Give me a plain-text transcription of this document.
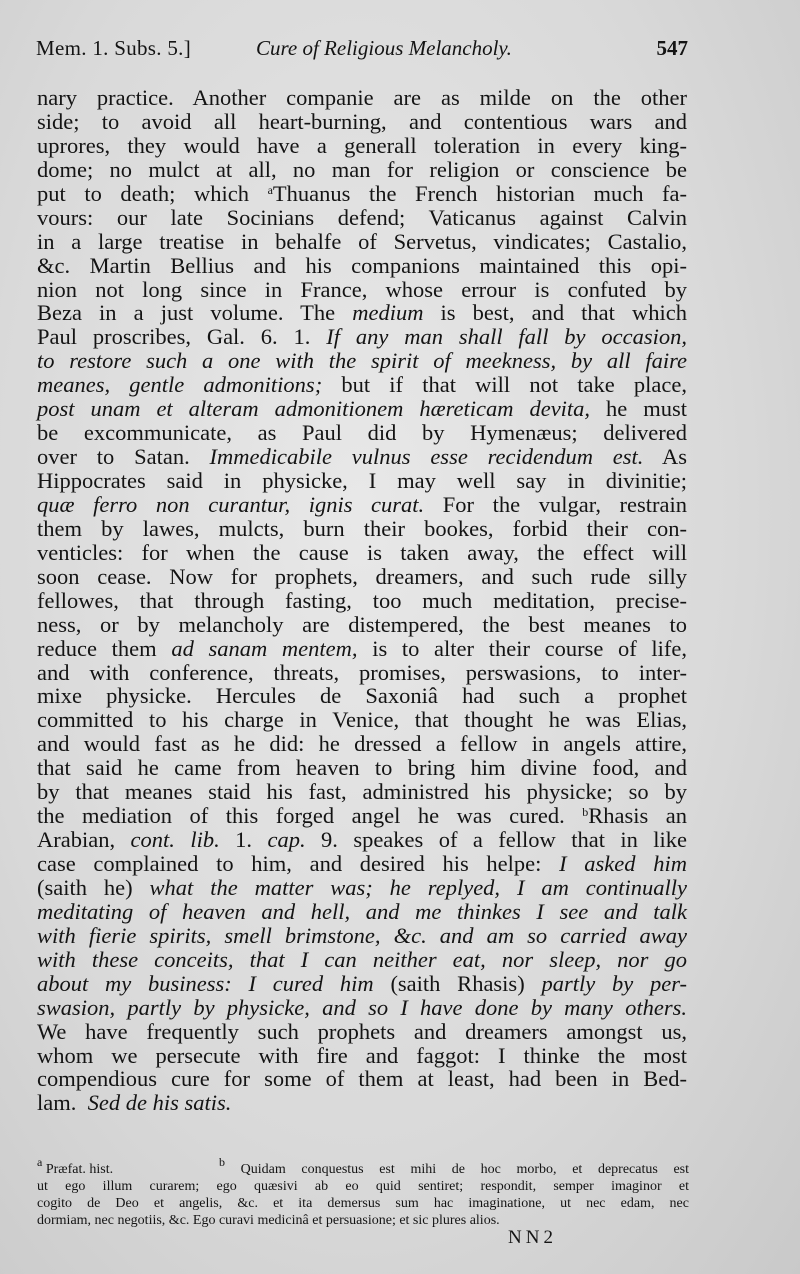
Mem. 1. Subs. 5.]	Cure of Religious Melancholy.	547
nary practice. Another companie are as milde on the other
side; to avoid all heart-burning, and contentious wars and
uprores, they would have a generall toleration in every king-
dome; no mulct at all, no man for religion or conscience be
put to death; which $^a$Thuanus the French historian much fa-
vours: our late Socinians defend; Vaticanus against Calvin
in a large treatise in behalfe of Servetus, vindicates; Castalio,
&c. Martin Bellius and his companions maintained this opi-
nion not long since in France, whose errour is confuted by
Beza in a just volume. The medium is best, and that which
Paul proscribes, Gal. 6. 1. If any man shall fall by occasion,
to restore such a one with the spirit of meekness, by all faire
meanes, gentle admonitions; but if that will not take place,
post unam et alteram admonitionem hæreticam devita, he must
be excommunicate, as Paul did by Hymenæus; delivered
over to Satan. Immedicabile vulnus esse recidendum est. As
Hippocrates said in physicke, I may well say in divinitie;
quæ ferro non curantur, ignis curat. For the vulgar, restrain
them by lawes, mulcts, burn their bookes, forbid their con-
venticles: for when the cause is taken away, the effect will
soon cease. Now for prophets, dreamers, and such rude silly
fellowes, that through fasting, too much meditation, precise-
ness, or by melancholy are distempered, the best meanes to
reduce them ad sanam mentem, is to alter their course of life,
and with conference, threats, promises, perswasions, to inter-
mixe physicke. Hercules de Saxoniâ had such a prophet
committed to his charge in Venice, that thought he was Elias,
and would fast as he did: he dressed a fellow in angels attire,
that said he came from heaven to bring him divine food, and
by that meanes staid his fast, administred his physicke; so by
the mediation of this forged angel he was cured. $^b$Rhasis an
Arabian, cont. lib. 1. cap. 9. speakes of a fellow that in like
case complained to him, and desired his helpe: I asked him
(saith he) what the matter was; he replyed, I am continually
meditating of heaven and hell, and me thinkes I see and talk
with fierie spirits, smell brimstone, &c. and am so carried away
with these conceits, that I can neither eat, nor sleep, nor go
about my business: I cured him (saith Rhasis) partly by per-
swasion, partly by physicke, and so I have done by many others.
We have frequently such prophets and dreamers amongst us,
whom we persecute with fire and faggot: I thinke the most
compendious cure for some of them at least, had been in Bed-
lam. Sed de his satis.
$^a$ Præfat. hist.	$^b$ Quidam conquestus est mihi de hoc morbo, et deprecatus est
ut ego illum curarem; ego quæsivi ab eo quid sentiret; respondit, semper imaginor et
cogito de Deo et angelis, &c. et ita demersus sum hac imaginatione, ut nec edam, nec
dormiam, nec negotiis, &c. Ego curavi medicinâ et persuasione; et sic plures alios.
NN2
